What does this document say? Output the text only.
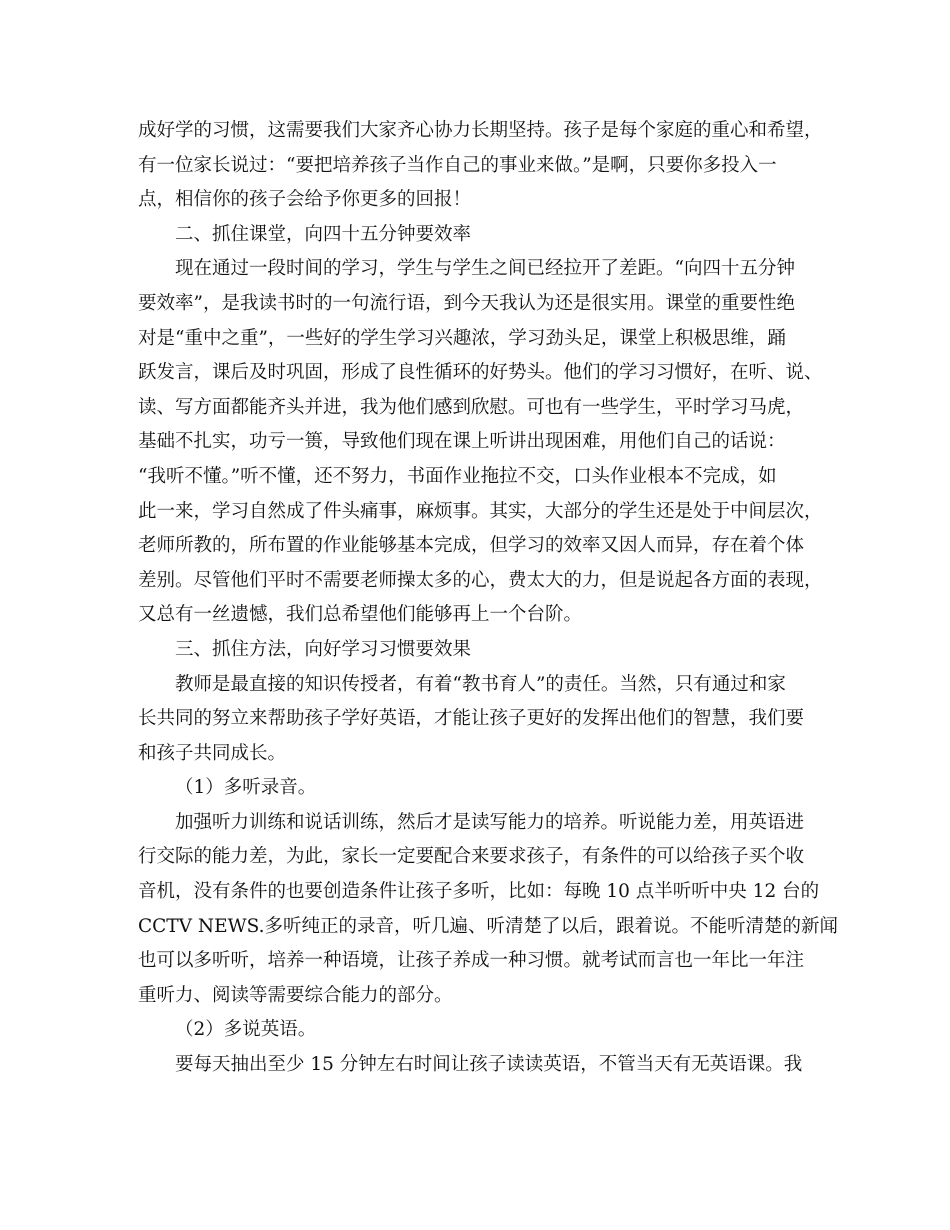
成好学的习惯，这需要我们大家齐心协力长期坚持。孩子是每个家庭的重心和希望，
有一位家长说过：“要把培养孩子当作自己的事业来做。”是啊，只要你多投入一
点，相信你的孩子会给予你更多的回报！
二、抓住课堂，向四十五分钟要效率
现在通过一段时间的学习，学生与学生之间已经拉开了差距。“向四十五分钟
要效率”，是我读书时的一句流行语，到今天我认为还是很实用。课堂的重要性绝
对是“重中之重”，一些好的学生学习兴趣浓，学习劲头足，课堂上积极思维，踊
跃发言，课后及时巩固，形成了良性循环的好势头。他们的学习习惯好，在听、说、
读、写方面都能齐头并进，我为他们感到欣慰。可也有一些学生，平时学习马虎，
基础不扎实，功亏一篑，导致他们现在课上听讲出现困难，用他们自己的话说：
“我听不懂。”听不懂，还不努力，书面作业拖拉不交，口头作业根本不完成，如
此一来，学习自然成了件头痛事，麻烦事。其实，大部分的学生还是处于中间层次，
老师所教的，所布置的作业能够基本完成，但学习的效率又因人而异，存在着个体
差别。尽管他们平时不需要老师操太多的心，费太大的力，但是说起各方面的表现，
又总有一丝遗憾，我们总希望他们能够再上一个台阶。
三、抓住方法，向好学习习惯要效果
教师是最直接的知识传授者，有着“教书育人”的责任。当然，只有通过和家
长共同的努立来帮助孩子学好英语，才能让孩子更好的发挥出他们的智慧，我们要
和孩子共同成长。
（1）多听录音。
加强听力训练和说话训练，然后才是读写能力的培养。听说能力差，用英语进
行交际的能力差，为此，家长一定要配合来要求孩子，有条件的可以给孩子买个收
音机，没有条件的也要创造条件让孩子多听，比如：每晚 10 点半听听中央 12 台的
CCTV NEWS.多听纯正的录音，听几遍、听清楚了以后，跟着说。不能听清楚的新闻
也可以多听听，培养一种语境，让孩子养成一种习惯。就考试而言也一年比一年注
重听力、阅读等需要综合能力的部分。
（2）多说英语。
要每天抽出至少 15 分钟左右时间让孩子读读英语，不管当天有无英语课。我
